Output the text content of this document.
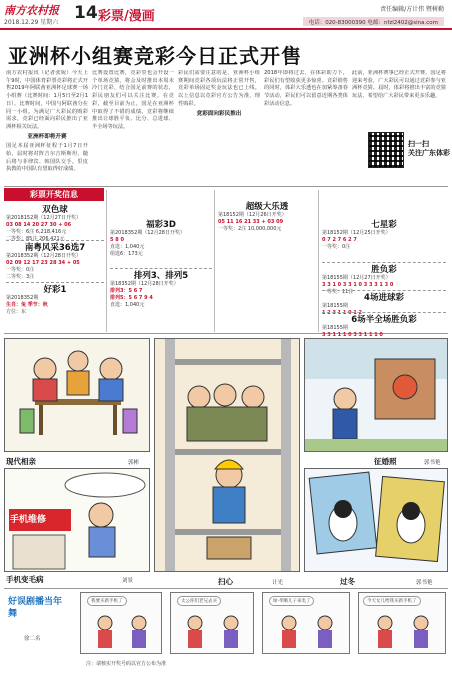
南方农村报
2018.12.29 星期六 14 彩票/漫画	责任编辑/方计伟 暨树勤
电话：020-83000390 电邮：nfzl2402@sina.com
亚洲杯小组赛竞彩今日正式开售
南方农村报讯（记者张妮）今天上午9时，中国体育彩票竞彩将正式开售2019年阿联酋亚洲杯足球赛一场小组赛（比赛时间：1月5日至2月1日）。比赛时间，中国与阿联酋分在同一小组。为满足广大彩民的购彩需求，竞彩已经面向彩民推出了亚洲杯相关玩法。
亚洲杯即将开赛
国足本届亚洲杯征程于1月7日开始，届时将对阵吉尔吉斯斯坦，随后将与菲律宾、韩国队交手。里皮执教的中国队有望取得好成绩。
比赛设置比赛，竞彩里也会开设一个单场竞猜，将会及时推出本周末冷门竞彩，结合国足前赛的状态，彩民朋友们可以关注比赛。在竞彩，截至目前为止，国足在亚洲杯中取得了不错的成绩。竞彩将继续推出让球胜平负、比分、总进球、半全场等玩法。
彩民们需要注意的是，亚洲杯小组赛期间竞彩各项玩法将正常开售，竞彩单场固定奖金玩法也已上线。以上信息以竞彩官方公告为准，理性购彩。
竞彩面向彩民推出
2018年即将过去，在体彩助力下，彩民们有望收获更多惊喜。竞彩销售的同时，体彩大乐透也在加紧筹备春节活动，彩民们可以留意近期各类体彩活动信息。
此前，亚洲杯赛事已经正式开赛。国足将迎来考验，广大彩民可以通过竞彩参与亚洲杯竞猜。届时，体彩将推出丰富的竞猜玩法，希望给广大彩民带来更多乐趣。
扫一扫
关注广东体彩
彩票开奖信息
双色球
第2018152期（12月27日开奖）
03 08 14 20 27 30 + 06
一等奖：6注 6,218,416元
二等奖：85注 206,421元
南粤风采36选7
第2018352期（12月28日开奖）
02 09 12 17 23 28 34 + 05
一等奖：0注
二等奖：3注
好彩1
第2018352期
生肖：兔 季节：秋
方位：东
福彩3D
第2018352期（12月28日开奖）
5 8 0
直选：1,040元
组选6：173元
排列3、排列5
第18352期（12月28日开奖）
排列3：5 6 7
排列5：5 6 7 9 4
直选：1,040元
超级大乐透
第18152期（12月26日开奖）
05 11 16 21 33 + 03 09
一等奖：2注 10,000,000元	七星彩
第18152期（12月25日开奖）
0 7 2 7 6 2 7
一等奖：0注
胜负彩
第18155期（12月27日开奖）
3 3 1 0 3 3 1 0 3 3 3 1 3 0
一等奖：11注
4场进球彩
第18155期
1 2 3 1 1 0 1 2
6场半全场胜负彩
第18155期
3 3 1 1 1 0 3 3 1 1 1 0
现代相亲	郭彬
手机维修
手机变毛病	刘景	扫心	计光
征婚照	郭书艳
过冬	郭书艳
好误剧播当年舞
徐二名
我要买新手机了	太公你们老兄去买	绿·孝顺儿子来电了	今天女儿给我买新手机了
注：请核实开奖号码以官方公布为准
